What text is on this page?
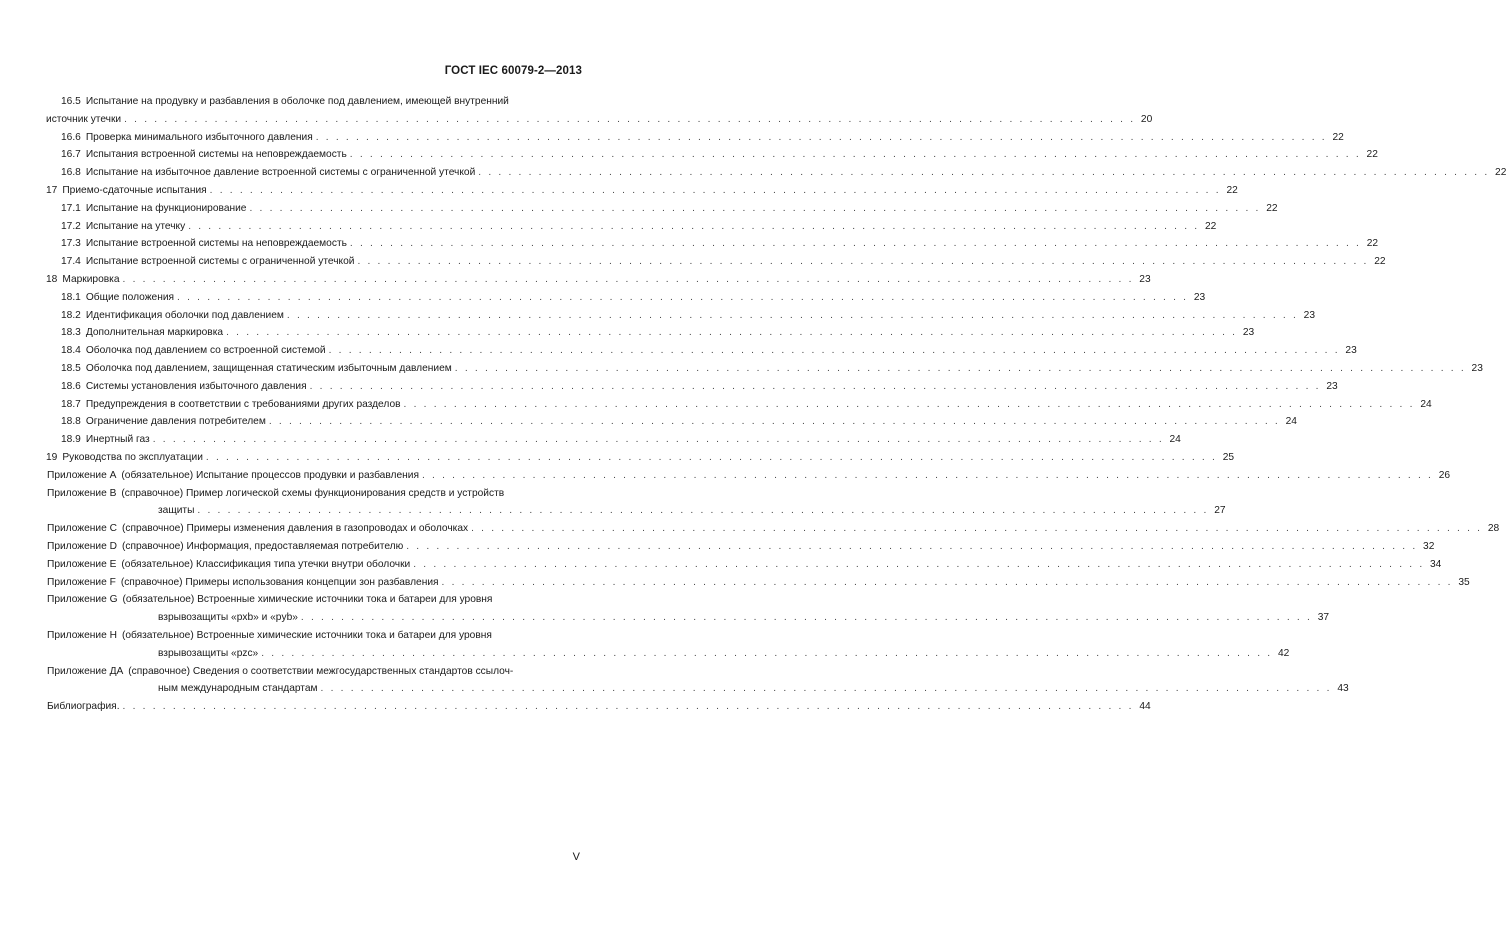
ГОСТ IEC 60079-2—2013
16.5 Испытание на продувку и разбавления в оболочке под давлением, имеющей внутренний
источник утечки . . . . . . . . . . . . . . . . . . . . . . . . . . . . . . . . . . . . . . . . . . . . . . . . . . . . . . . . . . . . . . . . . . . . . . . . . . . . . . . . . . . . . . . . . . . . . . . . . . . . . 20
16.6 Проверка минимального избыточного давления . . . . . . . . . . . . . . . . . . . . . . . . . . . . . . . . . . . . . . . . . . . . . . . . . . . . . . . . . . . . . . . . . . . . . . . . . . . . . . . . . . . . . . . . . . . . . . . . . . . . . 22
16.7 Испытания встроенной системы на неповреждаемость . . . . . . . . . . . . . . . . . . . . . . . . . . . . . . . . . . . . . . . . . . . . . . . . . . . . . . . . . . . . . . . . . . . . . . . . . . . . . . . . . . . . . . . . . . . . . . . . . . . . . 22
16.8 Испытание на избыточное давление встроенной системы с ограниченной утечкой . . . . . . . . . . . . . . . . . . . . . . . . . . . . . . . . . . . . . . . . . . . . . . . . . . . . . . . . . . . . . . . . . . . . . . . . . . . . . . . . . . . . . . . . . . . . . . . . . . . . . 22
17 Приемо-сдаточные испытания . . . . . . . . . . . . . . . . . . . . . . . . . . . . . . . . . . . . . . . . . . . . . . . . . . . . . . . . . . . . . . . . . . . . . . . . . . . . . . . . . . . . . . . . . . . . . . . . . . . . . 22
17.1 Испытание на функционирование . . . . . . . . . . . . . . . . . . . . . . . . . . . . . . . . . . . . . . . . . . . . . . . . . . . . . . . . . . . . . . . . . . . . . . . . . . . . . . . . . . . . . . . . . . . . . . . . . . . . . 22
17.2 Испытание на утечку . . . . . . . . . . . . . . . . . . . . . . . . . . . . . . . . . . . . . . . . . . . . . . . . . . . . . . . . . . . . . . . . . . . . . . . . . . . . . . . . . . . . . . . . . . . . . . . . . . . . . 22
17.3 Испытание встроенной системы на неповреждаемость . . . . . . . . . . . . . . . . . . . . . . . . . . . . . . . . . . . . . . . . . . . . . . . . . . . . . . . . . . . . . . . . . . . . . . . . . . . . . . . . . . . . . . . . . . . . . . . . . . . . . 22
17.4 Испытание встроенной системы с ограниченной утечкой . . . . . . . . . . . . . . . . . . . . . . . . . . . . . . . . . . . . . . . . . . . . . . . . . . . . . . . . . . . . . . . . . . . . . . . . . . . . . . . . . . . . . . . . . . . . . . . . . . . . . 22
18 Маркировка . . . . . . . . . . . . . . . . . . . . . . . . . . . . . . . . . . . . . . . . . . . . . . . . . . . . . . . . . . . . . . . . . . . . . . . . . . . . . . . . . . . . . . . . . . . . . . . . . . . . . 23
18.1 Общие положения . . . . . . . . . . . . . . . . . . . . . . . . . . . . . . . . . . . . . . . . . . . . . . . . . . . . . . . . . . . . . . . . . . . . . . . . . . . . . . . . . . . . . . . . . . . . . . . . . . . . . 23
18.2 Идентификация оболочки под давлением . . . . . . . . . . . . . . . . . . . . . . . . . . . . . . . . . . . . . . . . . . . . . . . . . . . . . . . . . . . . . . . . . . . . . . . . . . . . . . . . . . . . . . . . . . . . . . . . . . . . . 23
18.3 Дополнительная маркировка . . . . . . . . . . . . . . . . . . . . . . . . . . . . . . . . . . . . . . . . . . . . . . . . . . . . . . . . . . . . . . . . . . . . . . . . . . . . . . . . . . . . . . . . . . . . . . . . . . . . . 23
18.4 Оболочка под давлением со встроенной системой . . . . . . . . . . . . . . . . . . . . . . . . . . . . . . . . . . . . . . . . . . . . . . . . . . . . . . . . . . . . . . . . . . . . . . . . . . . . . . . . . . . . . . . . . . . . . . . . . . . . . 23
18.5 Оболочка под давлением, защищенная статическим избыточным давлением . . . . . . . . . . . . . . . . . . . . . . . . . . . . . . . . . . . . . . . . . . . . . . . . . . . . . . . . . . . . . . . . . . . . . . . . . . . . . . . . . . . . . . . . . . . . . . . . . . . . . 23
18.6 Системы установления избыточного давления . . . . . . . . . . . . . . . . . . . . . . . . . . . . . . . . . . . . . . . . . . . . . . . . . . . . . . . . . . . . . . . . . . . . . . . . . . . . . . . . . . . . . . . . . . . . . . . . . . . . . 23
18.7 Предупреждения в соответствии с требованиями других разделов . . . . . . . . . . . . . . . . . . . . . . . . . . . . . . . . . . . . . . . . . . . . . . . . . . . . . . . . . . . . . . . . . . . . . . . . . . . . . . . . . . . . . . . . . . . . . . . . . . . . . 24
18.8 Ограничение давления потребителем . . . . . . . . . . . . . . . . . . . . . . . . . . . . . . . . . . . . . . . . . . . . . . . . . . . . . . . . . . . . . . . . . . . . . . . . . . . . . . . . . . . . . . . . . . . . . . . . . . . . . 24
18.9 Инертный газ . . . . . . . . . . . . . . . . . . . . . . . . . . . . . . . . . . . . . . . . . . . . . . . . . . . . . . . . . . . . . . . . . . . . . . . . . . . . . . . . . . . . . . . . . . . . . . . . . . . . . 24
19 Руководства по эксплуатации . . . . . . . . . . . . . . . . . . . . . . . . . . . . . . . . . . . . . . . . . . . . . . . . . . . . . . . . . . . . . . . . . . . . . . . . . . . . . . . . . . . . . . . . . . . . . . . . . . . . . 25
Приложение А (обязательное) Испытание процессов продувки и разбавления . . . . . . . . . . . . . . . . . . . . . . . . . . . . . . . . . . . . . . . . . . . . . . . . . . . . . . . . . . . . . . . . . . . . . . . . . . . . . . . . . . . . . . . . . . . . . . . . . . . . . 26
Приложение В (справочное) Пример логической схемы функционирования средств и устройств
защиты . . . . . . . . . . . . . . . . . . . . . . . . . . . . . . . . . . . . . . . . . . . . . . . . . . . . . . . . . . . . . . . . . . . . . . . . . . . . . . . . . . . . . . . . . . . . . . . . . . . . . 27
Приложение С (справочное) Примеры изменения давления в газопроводах и оболочках . . . . . . . . . . . . . . . . . . . . . . . . . . . . . . . . . . . . . . . . . . . . . . . . . . . . . . . . . . . . . . . . . . . . . . . . . . . . . . . . . . . . . . . . . . . . . . . . . . . . . 28
Приложение D (справочное) Информация, предоставляемая потребителю . . . . . . . . . . . . . . . . . . . . . . . . . . . . . . . . . . . . . . . . . . . . . . . . . . . . . . . . . . . . . . . . . . . . . . . . . . . . . . . . . . . . . . . . . . . . . . . . . . . . . 32
Приложение Е (обязательное) Классификация типа утечки внутри оболочки . . . . . . . . . . . . . . . . . . . . . . . . . . . . . . . . . . . . . . . . . . . . . . . . . . . . . . . . . . . . . . . . . . . . . . . . . . . . . . . . . . . . . . . . . . . . . . . . . . . . . 34
Приложение F (справочное) Примеры использования концепции зон разбавления . . . . . . . . . . . . . . . . . . . . . . . . . . . . . . . . . . . . . . . . . . . . . . . . . . . . . . . . . . . . . . . . . . . . . . . . . . . . . . . . . . . . . . . . . . . . . . . . . . . . . 35
Приложение G (обязательное) Встроенные химические источники тока и батареи для уровня
взрывозащиты «pxb» и «pyb» . . . . . . . . . . . . . . . . . . . . . . . . . . . . . . . . . . . . . . . . . . . . . . . . . . . . . . . . . . . . . . . . . . . . . . . . . . . . . . . . . . . . . . . . . . . . . . . . . . . . . 37
Приложение Н (обязательное) Встроенные химические источники тока и батареи для уровня
взрывозащиты «pzc» . . . . . . . . . . . . . . . . . . . . . . . . . . . . . . . . . . . . . . . . . . . . . . . . . . . . . . . . . . . . . . . . . . . . . . . . . . . . . . . . . . . . . . . . . . . . . . . . . . . . . 42
Приложение ДА (справочное) Сведения о соответствии межгосударственных стандартов ссылоч-
ным международным стандартам . . . . . . . . . . . . . . . . . . . . . . . . . . . . . . . . . . . . . . . . . . . . . . . . . . . . . . . . . . . . . . . . . . . . . . . . . . . . . . . . . . . . . . . . . . . . . . . . . . . . . 43
Библиография. . . . . . . . . . . . . . . . . . . . . . . . . . . . . . . . . . . . . . . . . . . . . . . . . . . . . . . . . . . . . . . . . . . . . . . . . . . . . . . . . . . . . . . . . . . . . . . . . . . . . . 44
V
